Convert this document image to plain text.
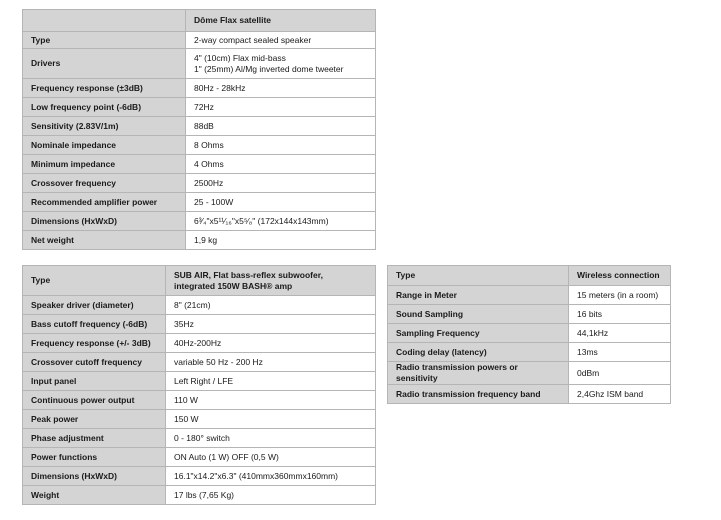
	Dôme Flax satellite
Type	2-way compact sealed speaker
Drivers	4" (10cm) Flax mid-bass
1" (25mm) Al/Mg inverted dome tweeter

Frequency response (±3dB)	80Hz - 28kHz
Low frequency point (-6dB)	72Hz
Sensitivity (2.83V/1m)	88dB
Nominale impedance	8 Ohms
Minimum impedance	4 Ohms
Crossover frequency	2500Hz
Recommended amplifier power	25 - 100W
Dimensions (HxWxD)	6³⁄₄"x5¹¹⁄₁₆"x5⁵⁄₈" (172x144x143mm)
Net weight	1,9 kg
Type	SUB AIR, Flat bass-reflex subwoofer,
integrated 150W BASH® amp

Speaker driver (diameter)	8" (21cm)
Bass cutoff frequency (-6dB)	35Hz
Frequency response (+/- 3dB)	40Hz-200Hz
Crossover cutoff frequency	variable 50 Hz - 200 Hz
Input panel	Left Right / LFE
Continuous power output	110 W
Peak power	150 W
Phase adjustment	0 - 180° switch
Power functions	ON Auto (1 W) OFF (0,5 W)
Dimensions (HxWxD)	16.1"x14.2"x6.3" (410mmx360mmx160mm)
Weight	17 lbs (7,65 Kg)
Type	Wireless connection
Range in Meter	15 meters (in a room)
Sound Sampling	16 bits
Sampling Frequency	44,1kHz
Coding delay (latency)	13ms
Radio transmission powers or sensitivity	0dBm
Radio transmission frequency band	2,4Ghz ISM band
